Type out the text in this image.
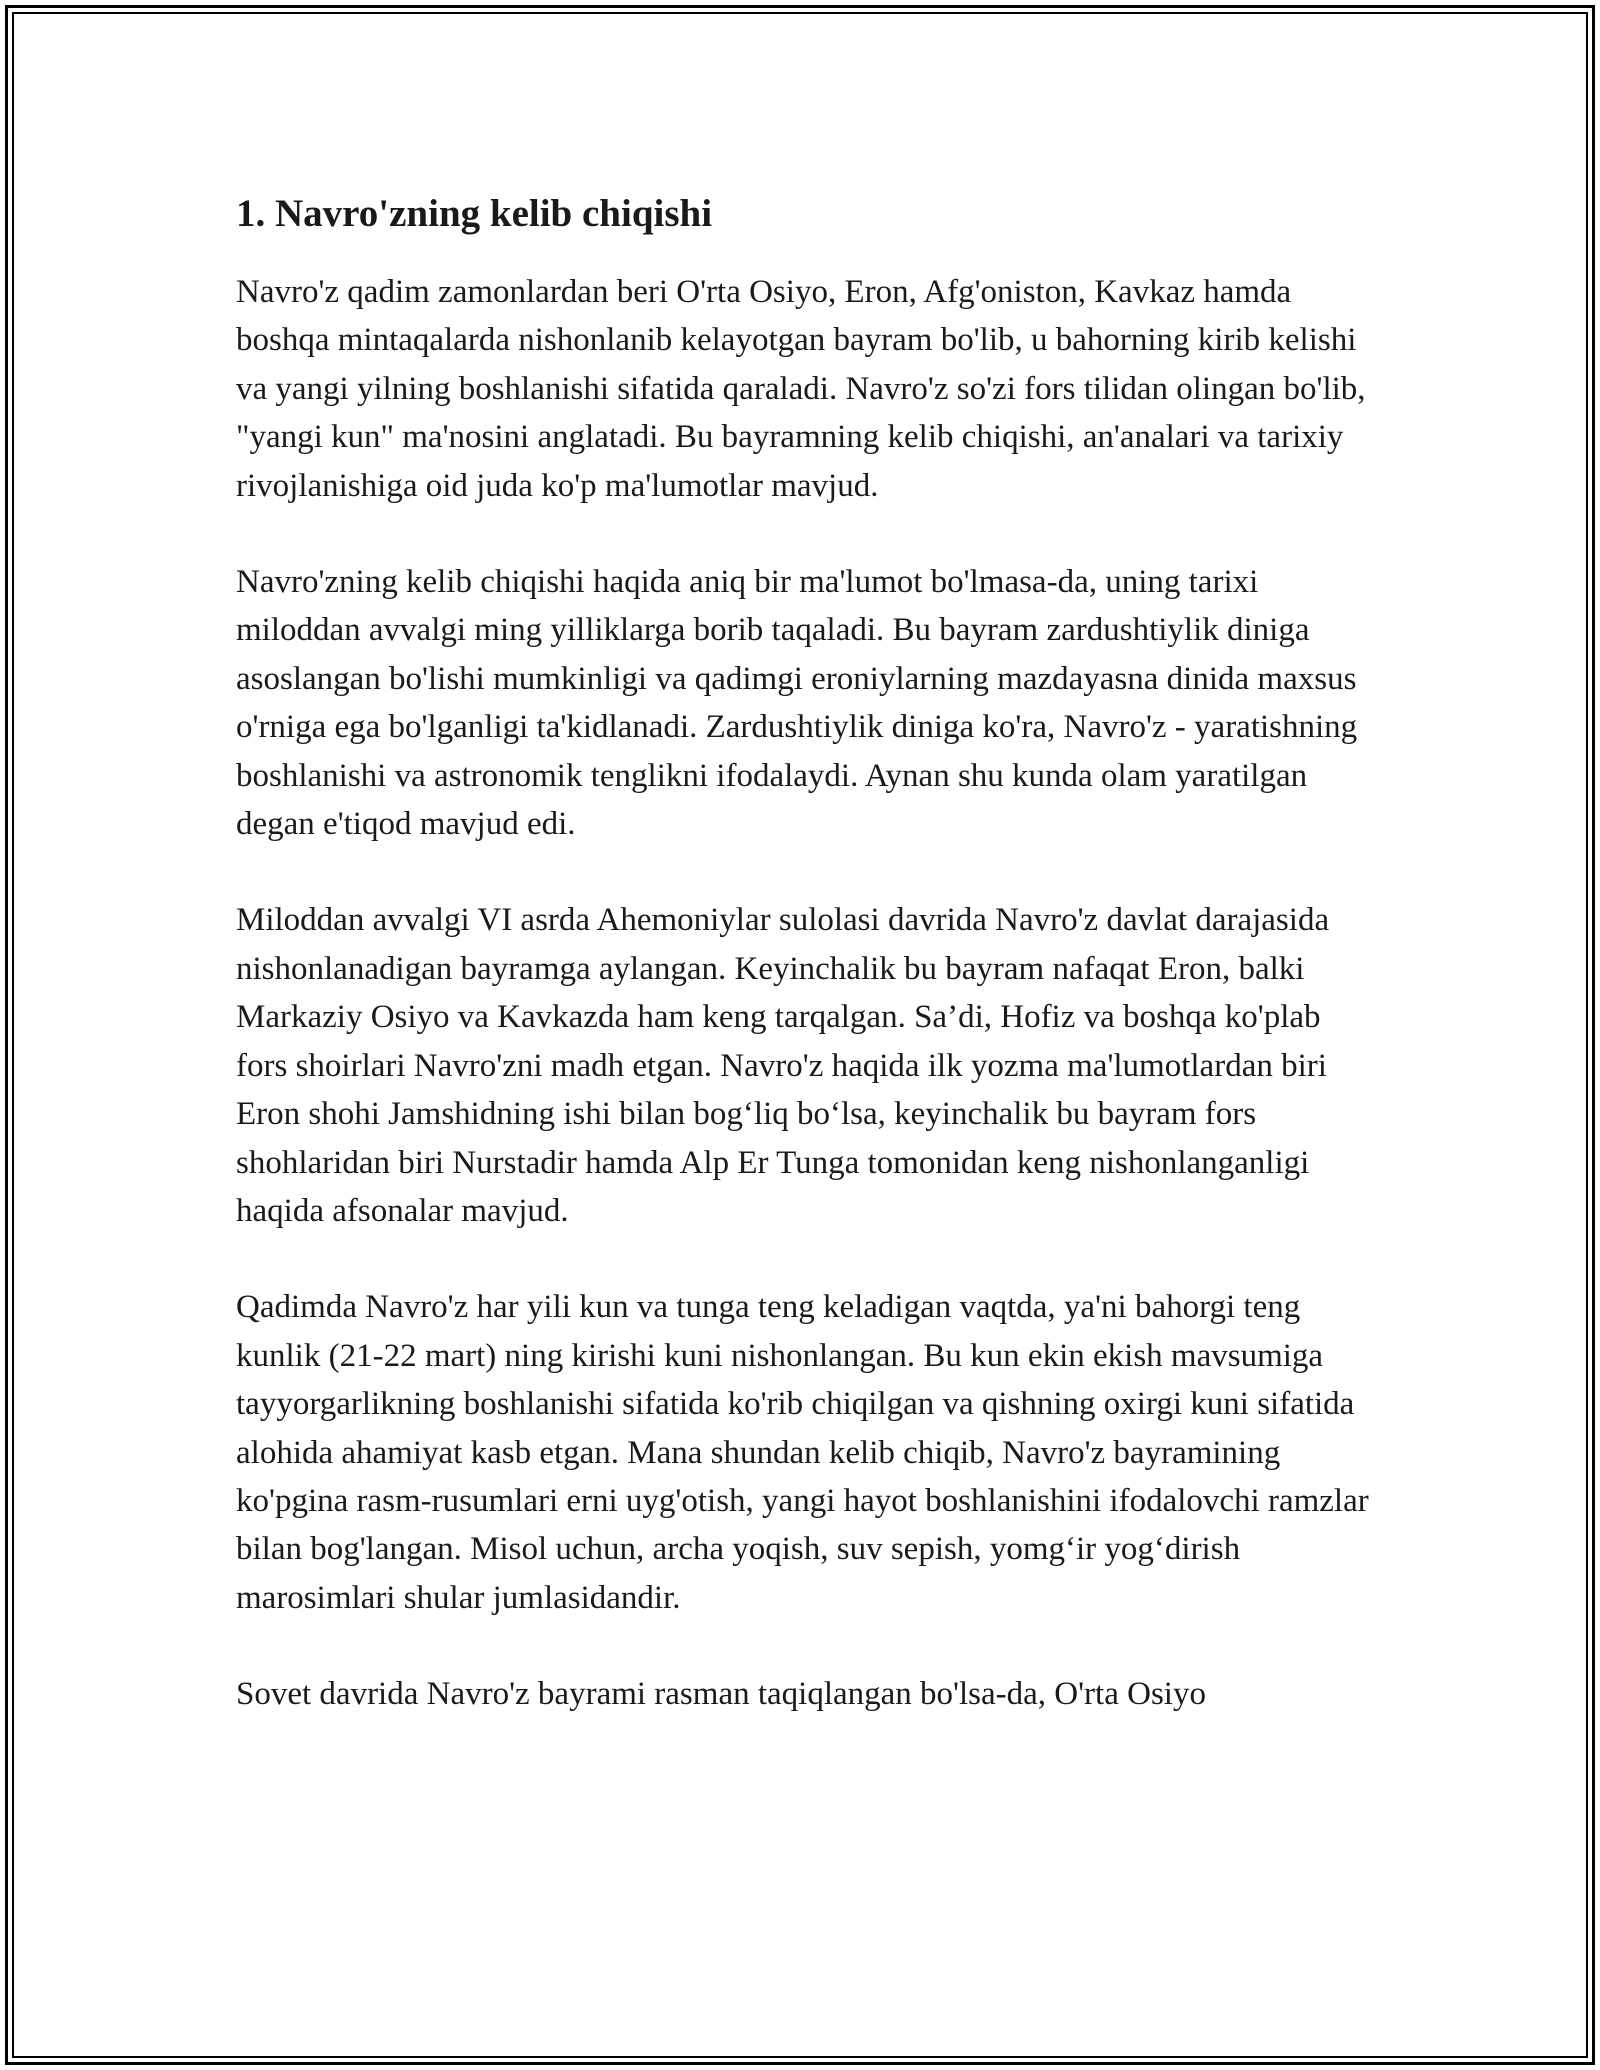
1. Navro'zning kelib chiqishi

Navro'z qadim zamonlardan beri O'rta Osiyo, Eron, Afg'oniston, Kavkaz hamda boshqa mintaqalarda nishonlanib kelayotgan bayram bo'lib, u bahorning kirib kelishi va yangi yilning boshlanishi sifatida qaraladi. Navro'z so'zi fors tilidan olingan bo'lib, "yangi kun" ma'nosini anglatadi. Bu bayramning kelib chiqishi, an'analari va tarixiy rivojlanishiga oid juda ko'p ma'lumotlar mavjud.

Navro'zning kelib chiqishi haqida aniq bir ma'lumot bo'lmasa-da, uning tarixi miloddan avvalgi ming yilliklarga borib taqaladi. Bu bayram zardushtiylik diniga asoslangan bo'lishi mumkinligi va qadimgi eroniylarning mazdayasna dinida maxsus o'rniga ega bo'lganligi ta'kidlanadi. Zardushtiylik diniga ko'ra, Navro'z - yaratishning boshlanishi va astronomik tenglikni ifodalaydi. Aynan shu kunda olam yaratilgan degan e'tiqod mavjud edi.

Miloddan avvalgi VI asrda Ahemoniylar sulolasi davrida Navro'z davlat darajasida nishonlanadigan bayramga aylangan. Keyinchalik bu bayram nafaqat Eron, balki Markaziy Osiyo va Kavkazda ham keng tarqalgan. Sa’di, Hofiz va boshqa ko'plab fors shoirlari Navro'zni madh etgan. Navro'z haqida ilk yozma ma'lumotlardan biri Eron shohi Jamshidning ishi bilan bog‘liq bo‘lsa, keyinchalik bu bayram fors shohlaridan biri Nurstadir hamda Alp Er Tunga tomonidan keng nishonlanganligi haqida afsonalar mavjud.

Qadimda Navro'z har yili kun va tunga teng keladigan vaqtda, ya'ni bahorgi teng kunlik (21-22 mart) ning kirishi kuni nishonlangan. Bu kun ekin ekish mavsumiga tayyorgarlikning boshlanishi sifatida ko'rib chiqilgan va qishning oxirgi kuni sifatida alohida ahamiyat kasb etgan. Mana shundan kelib chiqib, Navro'z bayramining ko'pgina rasm-rusumlari erni uyg'otish, yangi hayot boshlanishini ifodalovchi ramzlar bilan bog'langan. Misol uchun, archa yoqish, suv sepish, yomg‘ir yog‘dirish marosimlari shular jumlasidandir.

Sovet davrida Navro'z bayrami rasman taqiqlangan bo'lsa-da, O'rta Osiyo
